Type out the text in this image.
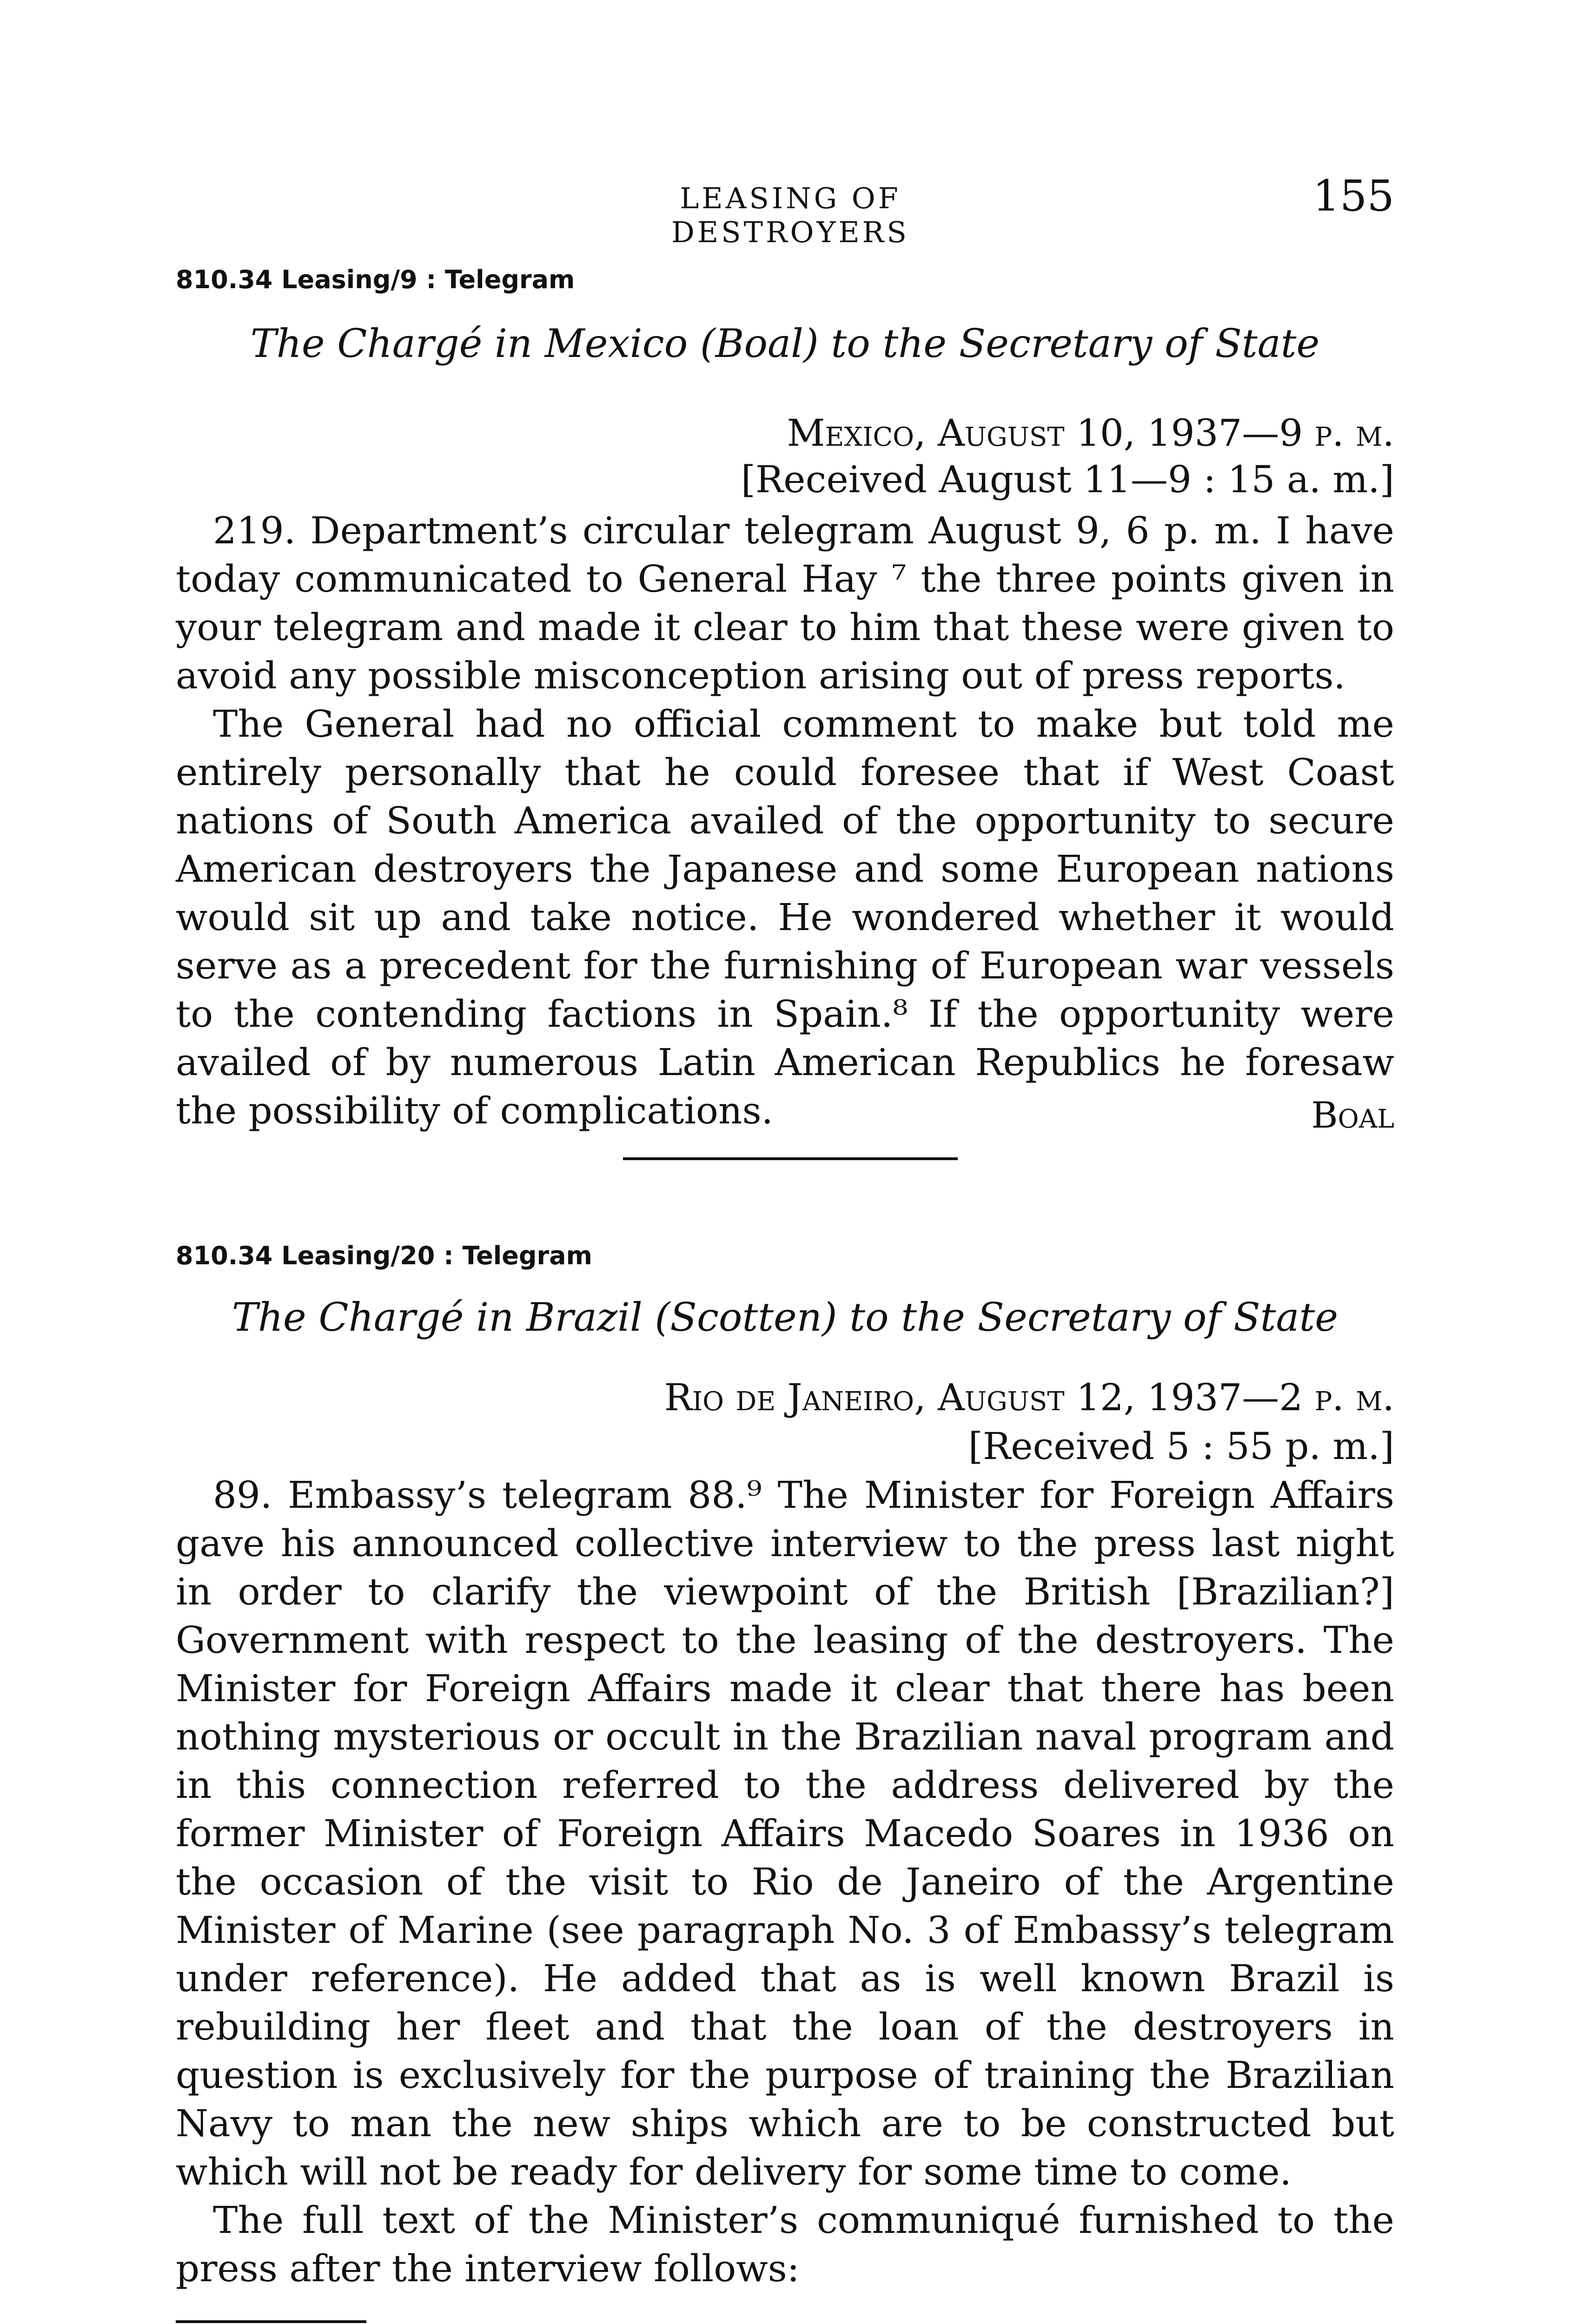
LEASING OF DESTROYERS
155
810.34 Leasing/9 : Telegram
The Chargé in Mexico (Boal) to the Secretary of State
Mexico, August 10, 1937—9 p. m.
[Received August 11—9 : 15 a. m.]

219. Department’s circular telegram August 9, 6 p. m. I have today communicated to General Hay ⁷ the three points given in your telegram and made it clear to him that these were given to avoid any possible misconception arising out of press reports.

The General had no official comment to make but told me entirely personally that he could foresee that if West Coast nations of South America availed of the opportunity to secure American destroyers the Japanese and some European nations would sit up and take notice. He wondered whether it would serve as a precedent for the furnishing of European war vessels to the contending factions in Spain.⁸ If the opportunity were availed of by numerous Latin American Republics he foresaw the possibility of complications.	Boal
810.34 Leasing/20 : Telegram
The Chargé in Brazil (Scotten) to the Secretary of State
Rio de Janeiro, August 12, 1937—2 p. m.
[Received 5 : 55 p. m.]

89. Embassy’s telegram 88.⁹ The Minister for Foreign Affairs gave his announced collective interview to the press last night in order to clarify the viewpoint of the British [Brazilian?] Government with respect to the leasing of the destroyers. The Minister for Foreign Affairs made it clear that there has been nothing mysterious or occult in the Brazilian naval program and in this connection referred to the address delivered by the former Minister of Foreign Affairs Macedo Soares in 1936 on the occasion of the visit to Rio de Janeiro of the Argentine Minister of Marine (see paragraph No. 3 of Embassy’s telegram under reference). He added that as is well known Brazil is rebuilding her fleet and that the loan of the destroyers in question is exclusively for the purpose of training the Brazilian Navy to man the new ships which are to be constructed but which will not be ready for delivery for some time to come.

The full text of the Minister’s communiqué furnished to the press after the interview follows:
